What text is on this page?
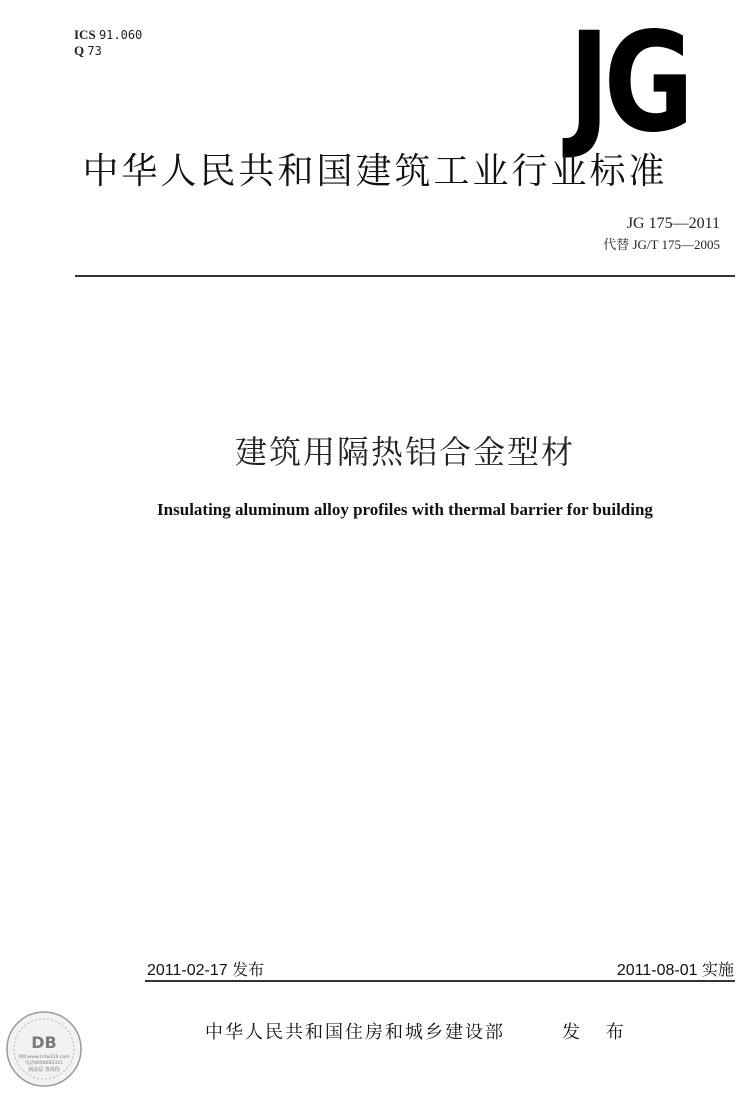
ICS 91.060
Q 73	JG
中华人民共和国建筑工业行业标准
JG 175—2011
代替 JG/T 175—2005
建筑用隔热铝合金型材
Insulating aluminum alloy profiles with thermal barrier for building
2011-02-17 发布	2011-08-01 实施
中华人民共和国住房和城乡建设部	发 布
DB
网址www.cnfw310.com
电话4006682315
刮涂层 查真伪
